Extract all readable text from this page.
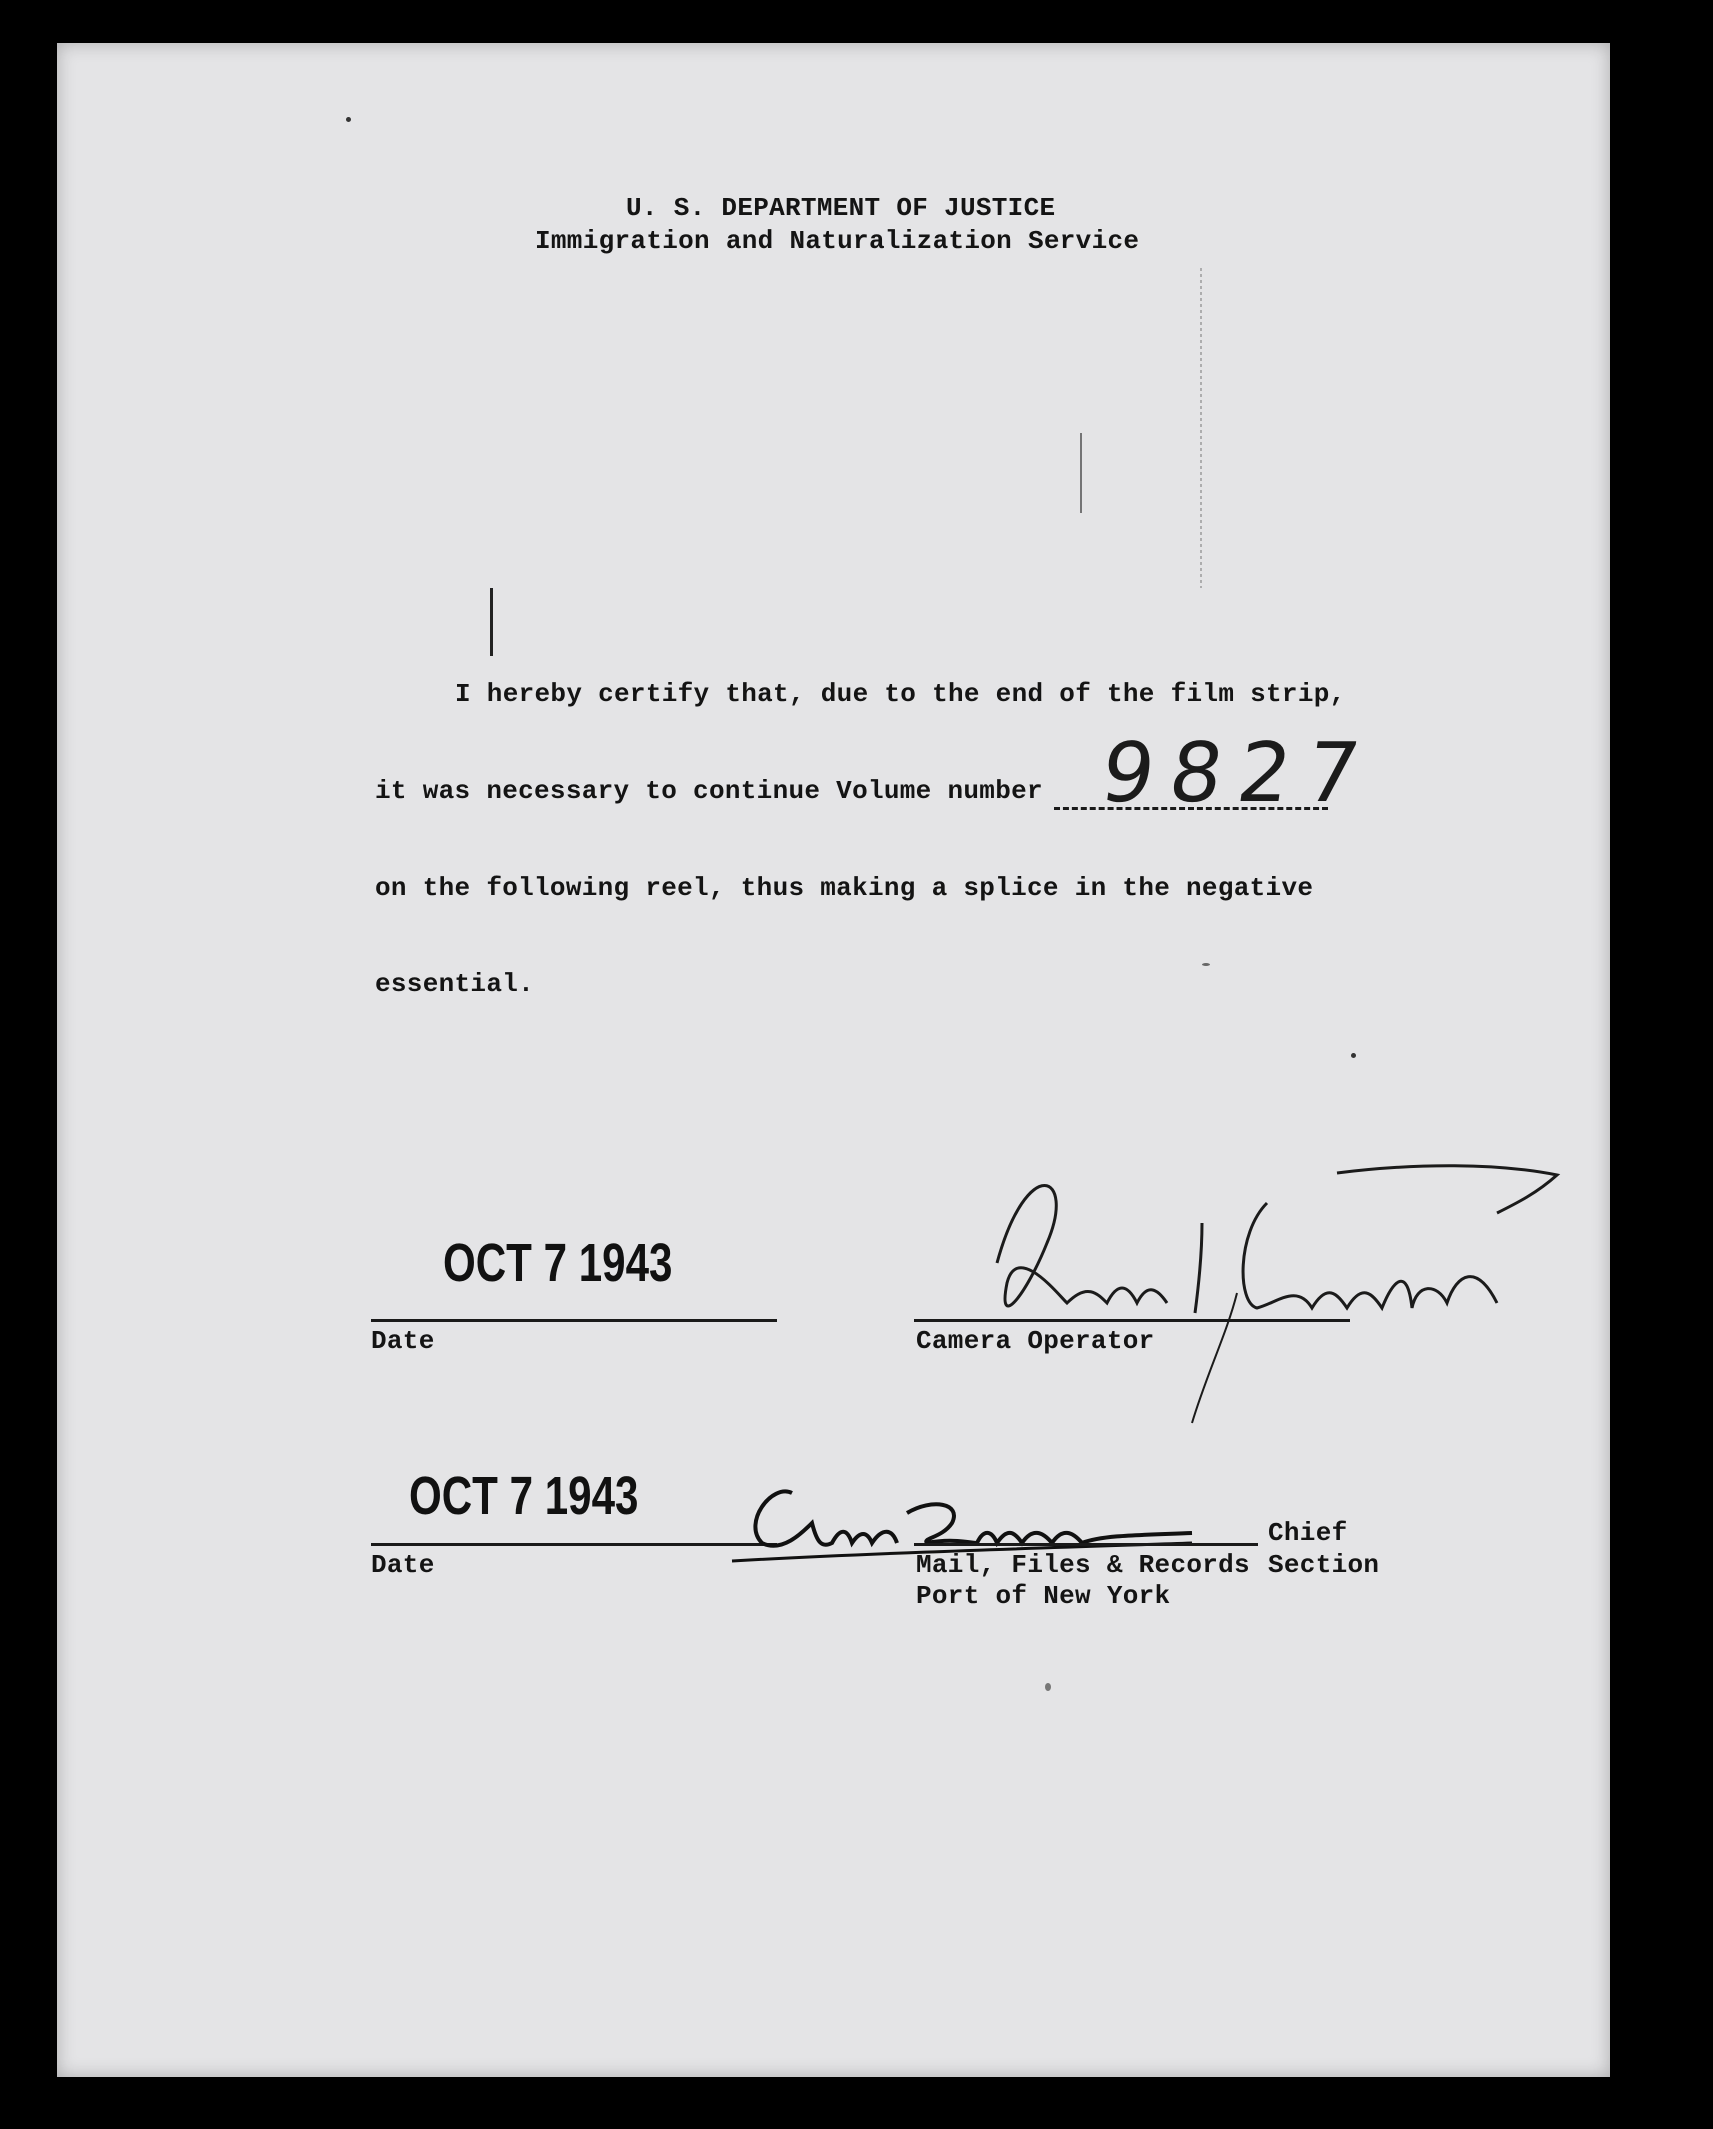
U. S. DEPARTMENT OF JUSTICE
Immigration and Naturalization Service
I hereby certify that, due to the end of the film strip,
it was necessary to continue Volume number 9827
on the following reel, thus making a splice in the negative
essential.
OCT 7 1943
Date	Camera Operator
OCT 7 1943
Date
Chief
Mail, Files & Records Section
Port of New York
